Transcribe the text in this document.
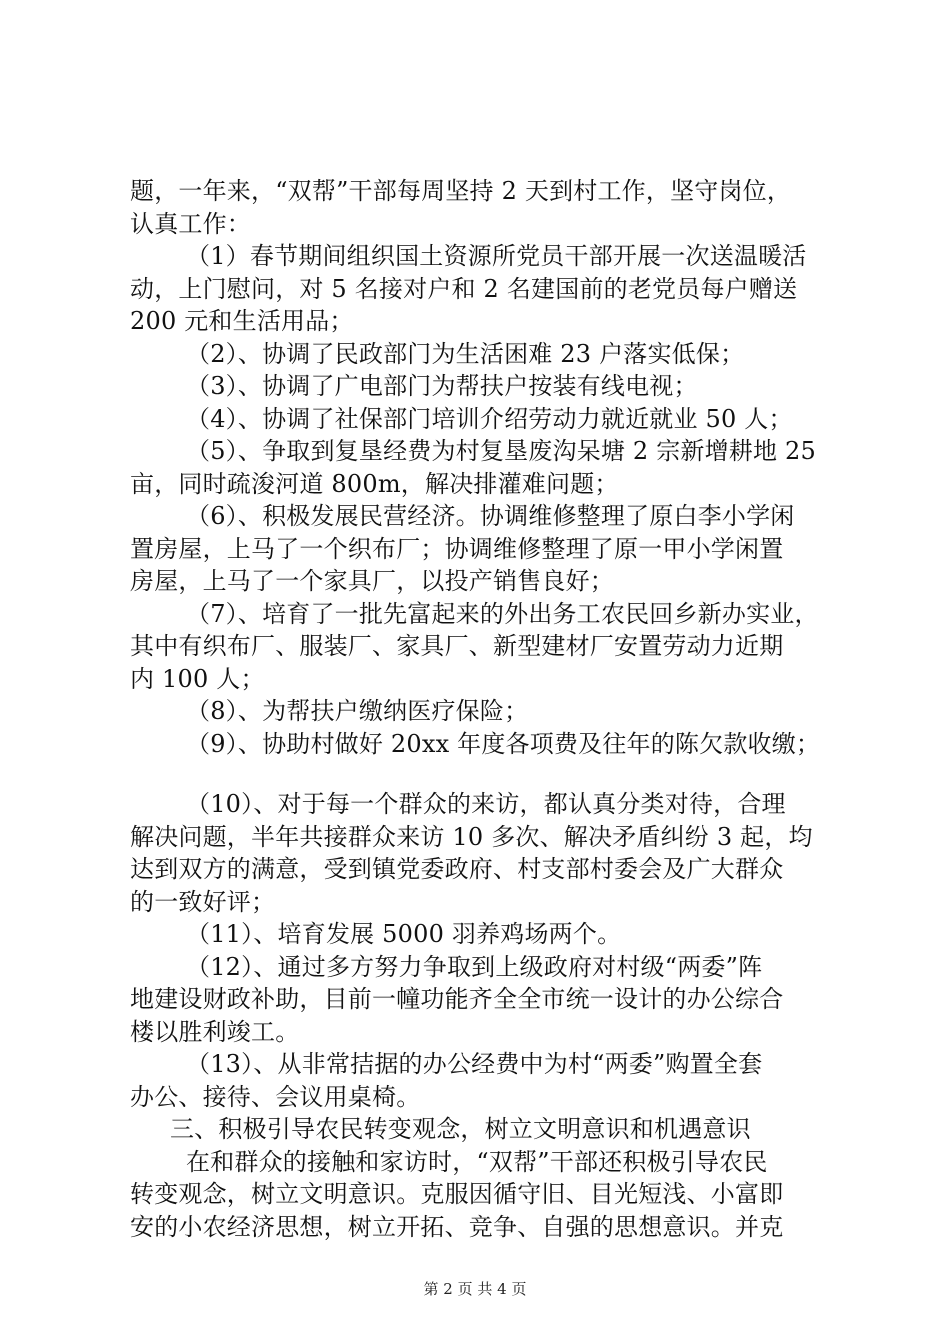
题，一年来，“双帮”干部每周坚持 2 天到村工作，坚守岗位，
认真工作：
（1）春节期间组织国土资源所党员干部开展一次送温暖活
动，上门慰问，对 5 名接对户和 2 名建国前的老党员每户赠送
200 元和生活用品；
（2）、协调了民政部门为生活困难 23 户落实低保；
（3）、协调了广电部门为帮扶户按装有线电视；
（4）、协调了社保部门培训介绍劳动力就近就业 50 人；
（5）、争取到复垦经费为村复垦废沟呆塘 2 宗新增耕地 25
亩，同时疏浚河道 800m，解决排灌难问题；
（6）、积极发展民营经济。协调维修整理了原白李小学闲
置房屋，上马了一个织布厂；协调维修整理了原一甲小学闲置
房屋，上马了一个家具厂，以投产销售良好；
（7）、培育了一批先富起来的外出务工农民回乡新办实业，
其中有织布厂、服装厂、家具厂、新型建材厂安置劳动力近期
内 100 人；
（8）、为帮扶户缴纳医疗保险；
（9）、协助村做好 20xx 年度各项费及往年的陈欠款收缴；
（10）、对于每一个群众的来访，都认真分类对待，合理
解决问题，半年共接群众来访 10 多次、解决矛盾纠纷 3 起，均
达到双方的满意，受到镇党委政府、村支部村委会及广大群众
的一致好评；
（11）、培育发展 5000 羽养鸡场两个。
（12）、通过多方努力争取到上级政府对村级“两委”阵
地建设财政补助，目前一幢功能齐全全市统一设计的办公综合
楼以胜利竣工。
（13）、从非常拮据的办公经费中为村“两委”购置全套
办公、接待、会议用桌椅。
三、积极引导农民转变观念，树立文明意识和机遇意识
在和群众的接触和家访时，“双帮”干部还积极引导农民
转变观念，树立文明意识。克服因循守旧、目光短浅、小富即
安的小农经济思想，树立开拓、竞争、自强的思想意识。并克
第 2 页 共 4 页
